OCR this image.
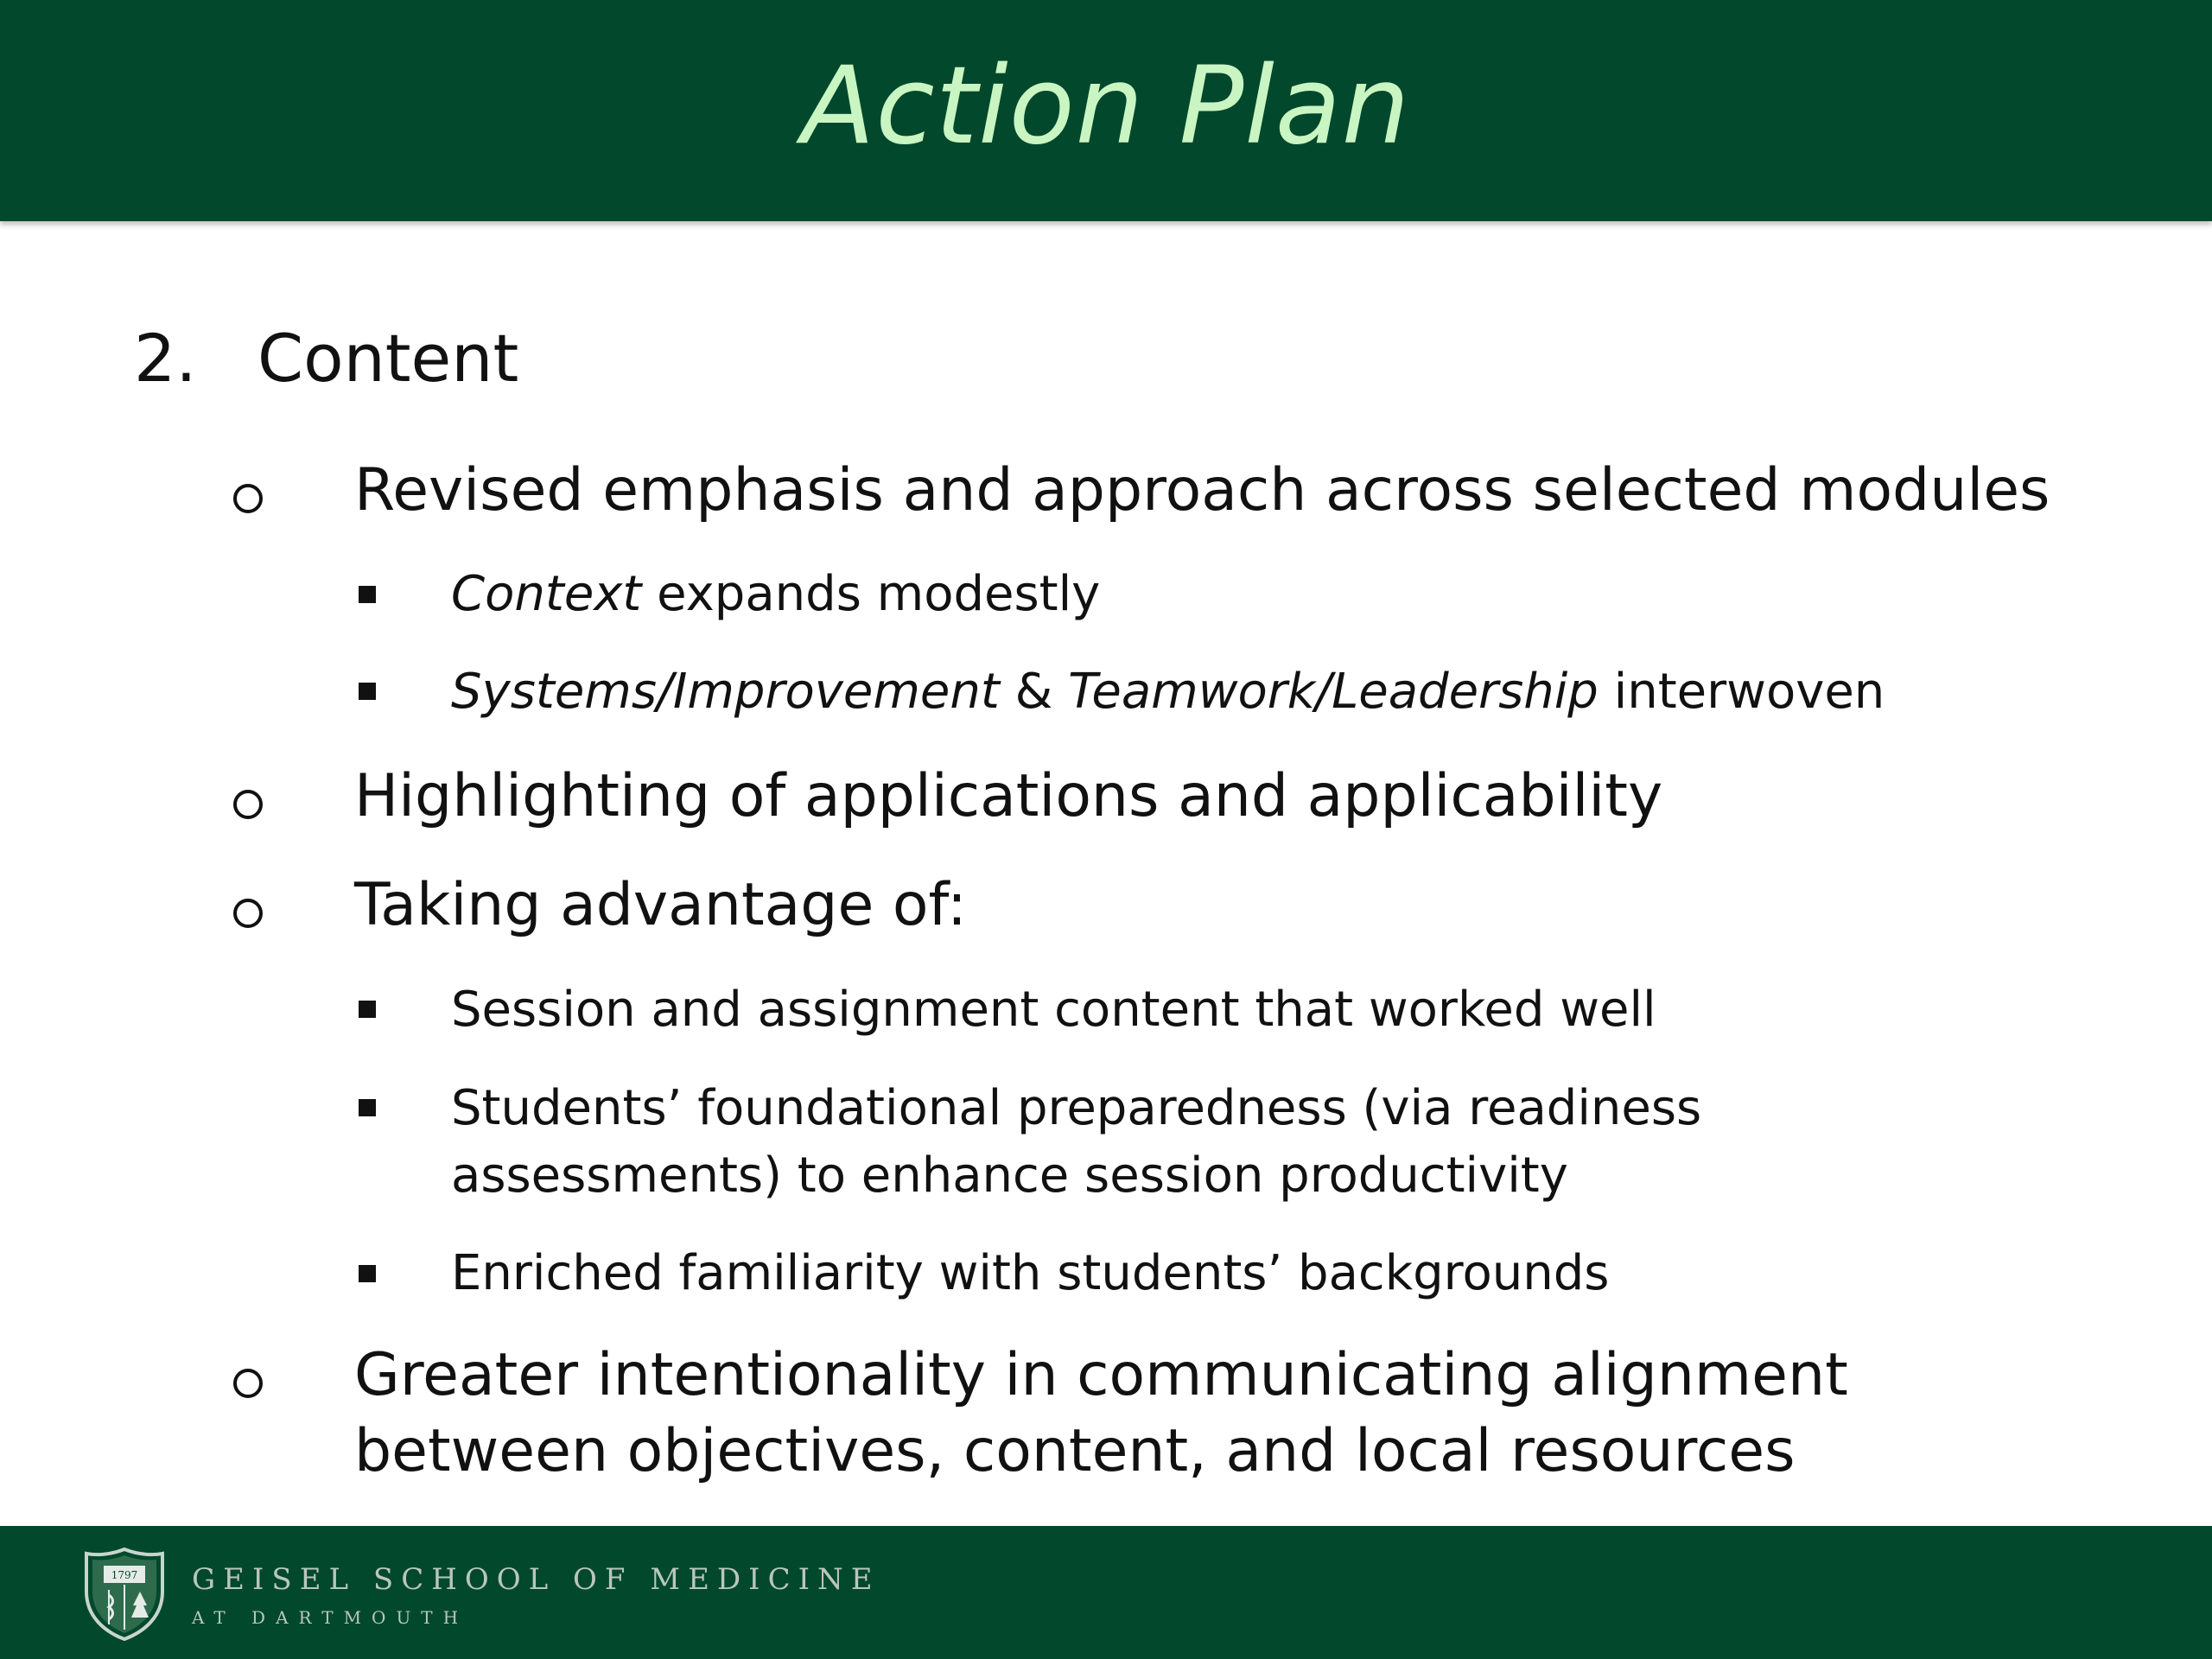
Action Plan
2. Content
Revised emphasis and approach across selected modules
Context expands modestly
Systems/Improvement & Teamwork/Leadership interwoven
Highlighting of applications and applicability
Taking advantage of:
Session and assignment content that worked well
Students’ foundational preparedness (via readiness
assessments) to enhance session productivity
Enriched familiarity with students’ backgrounds
Greater intentionality in communicating alignment
between objectives, content, and local resources
1797 GEISEL SCHOOL OF MEDICINE
AT DARTMOUTH
